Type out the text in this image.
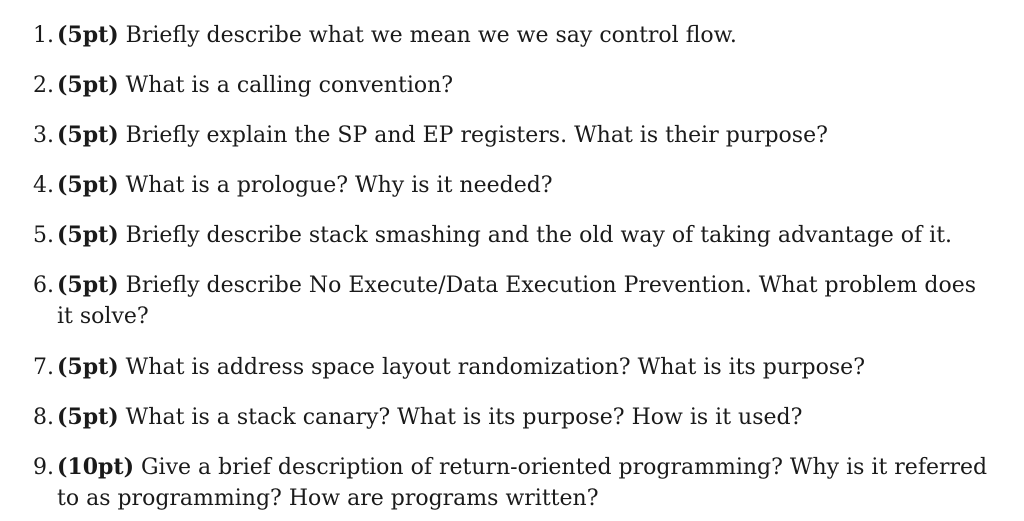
1. (5pt) Briefly describe what we mean we we say control flow.
2. (5pt) What is a calling convention?
3. (5pt) Briefly explain the SP and EP registers. What is their purpose?
4. (5pt) What is a prologue? Why is it needed?
5. (5pt) Briefly describe stack smashing and the old way of taking advantage of it.
6. (5pt) Briefly describe No Execute/Data Execution Prevention. What problem does it solve?
7. (5pt) What is address space layout randomization? What is its purpose?
8. (5pt) What is a stack canary? What is its purpose? How is it used?
9. (10pt) Give a brief description of return-oriented programming? Why is it referred to as programming? How are programs written?
